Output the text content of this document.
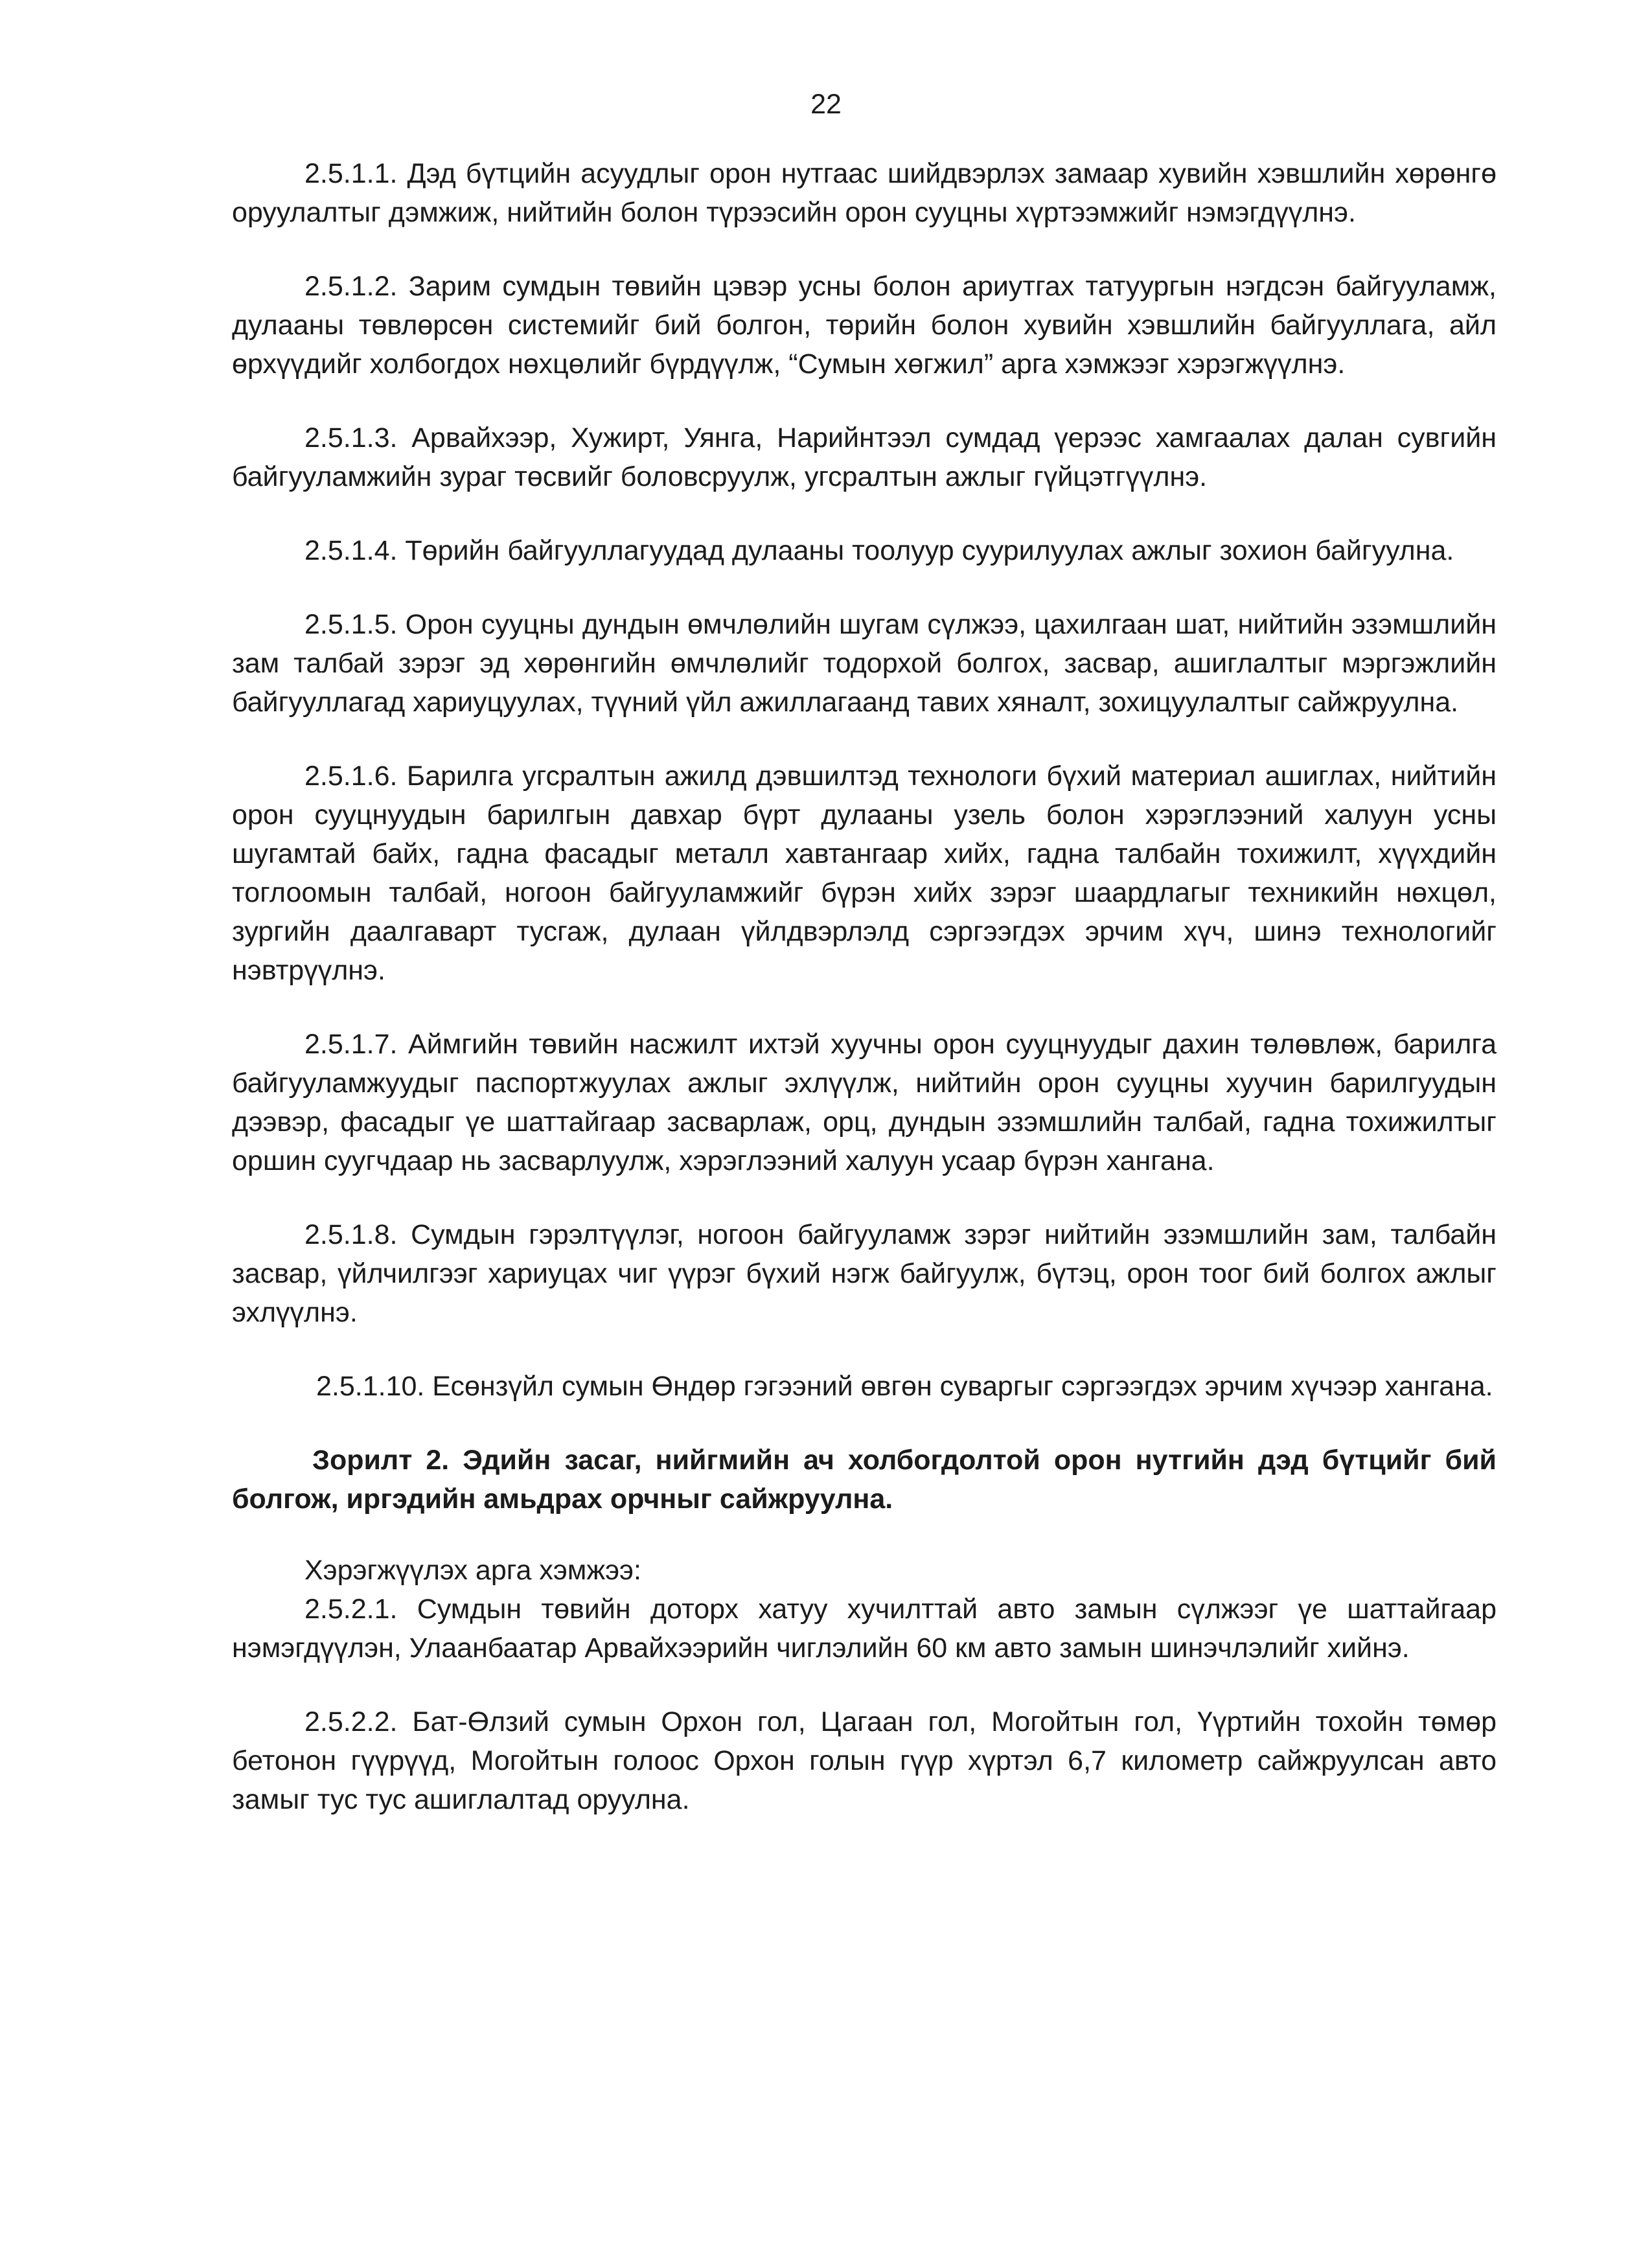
22

2.5.1.1. Дэд бүтцийн асуудлыг орон нутгаас шийдвэрлэх замаар хувийн хэвшлийн хөрөнгө оруулалтыг дэмжиж, нийтийн болон түрээсийн орон сууцны хүртээмжийг нэмэгдүүлнэ.

2.5.1.2. Зарим сумдын төвийн цэвэр усны болон ариутгах татуургын нэгдсэн байгууламж, дулааны төвлөрсөн системийг бий болгон, төрийн болон хувийн хэвшлийн байгууллага, айл өрхүүдийг холбогдох нөхцөлийг бүрдүүлж, “Сумын хөгжил” арга хэмжээг хэрэгжүүлнэ.

2.5.1.3. Арвайхээр, Хужирт, Уянга, Нарийнтээл сумдад үерээс хамгаалах далан сувгийн байгууламжийн зураг төсвийг боловсруулж, угсралтын ажлыг гүйцэтгүүлнэ.

2.5.1.4. Төрийн байгууллагуудад дулааны тоолуур суурилуулах ажлыг зохион байгуулна.

2.5.1.5. Орон сууцны дундын өмчлөлийн шугам сүлжээ, цахилгаан шат, нийтийн эзэмшлийн зам талбай зэрэг эд хөрөнгийн өмчлөлийг тодорхой болгох, засвар, ашиглалтыг мэргэжлийн байгууллагад хариуцуулах, түүний үйл ажиллагаанд тавих хяналт, зохицуулалтыг сайжруулна.

2.5.1.6. Барилга угсралтын ажилд дэвшилтэд технологи бүхий материал ашиглах, нийтийн орон сууцнуудын барилгын давхар бүрт дулааны узель болон хэрэглээний халуун усны шугамтай байх, гадна фасадыг металл хавтангаар хийх, гадна талбайн тохижилт, хүүхдийн тоглоомын талбай, ногоон байгууламжийг бүрэн хийх зэрэг шаардлагыг техникийн нөхцөл, зургийн даалгаварт тусгаж, дулаан үйлдвэрлэлд сэргээгдэх эрчим хүч, шинэ технологийг нэвтрүүлнэ.

2.5.1.7. Аймгийн төвийн насжилт ихтэй хуучны орон сууцнуудыг дахин төлөвлөж, барилга байгууламжуудыг паспортжуулах ажлыг эхлүүлж, нийтийн орон сууцны хуучин барилгуудын дээвэр, фасадыг үе шаттайгаар засварлаж, орц, дундын эзэмшлийн талбай, гадна тохижилтыг оршин суугчдаар нь засварлуулж, хэрэглээний халуун усаар бүрэн хангана.

2.5.1.8. Сумдын гэрэлтүүлэг, ногоон байгууламж зэрэг нийтийн эзэмшлийн зам, талбайн засвар, үйлчилгээг хариуцах чиг үүрэг бүхий нэгж байгуулж, бүтэц, орон тоог бий болгох ажлыг эхлүүлнэ.

2.5.1.10. Есөнзүйл сумын Өндөр гэгээний өвгөн суваргыг сэргээгдэх эрчим хүчээр хангана.

Зорилт 2. Эдийн засаг, нийгмийн ач холбогдолтой орон нутгийн дэд бүтцийг бий болгож, иргэдийн амьдрах орчныг сайжруулна.

Хэрэгжүүлэх арга хэмжээ:

2.5.2.1. Сумдын төвийн доторх хатуу хучилттай авто замын сүлжээг үе шаттайгаар нэмэгдүүлэн, Улаанбаатар Арвайхээрийн чиглэлийн 60 км авто замын шинэчлэлийг хийнэ.

2.5.2.2. Бат-Өлзий сумын Орхон гол, Цагаан гол, Могойтын гол, Үүртийн тохойн төмөр бетонон гүүрүүд, Могойтын голоос Орхон голын гүүр хүртэл 6,7 километр сайжруулсан авто замыг тус тус ашиглалтад оруулна.
